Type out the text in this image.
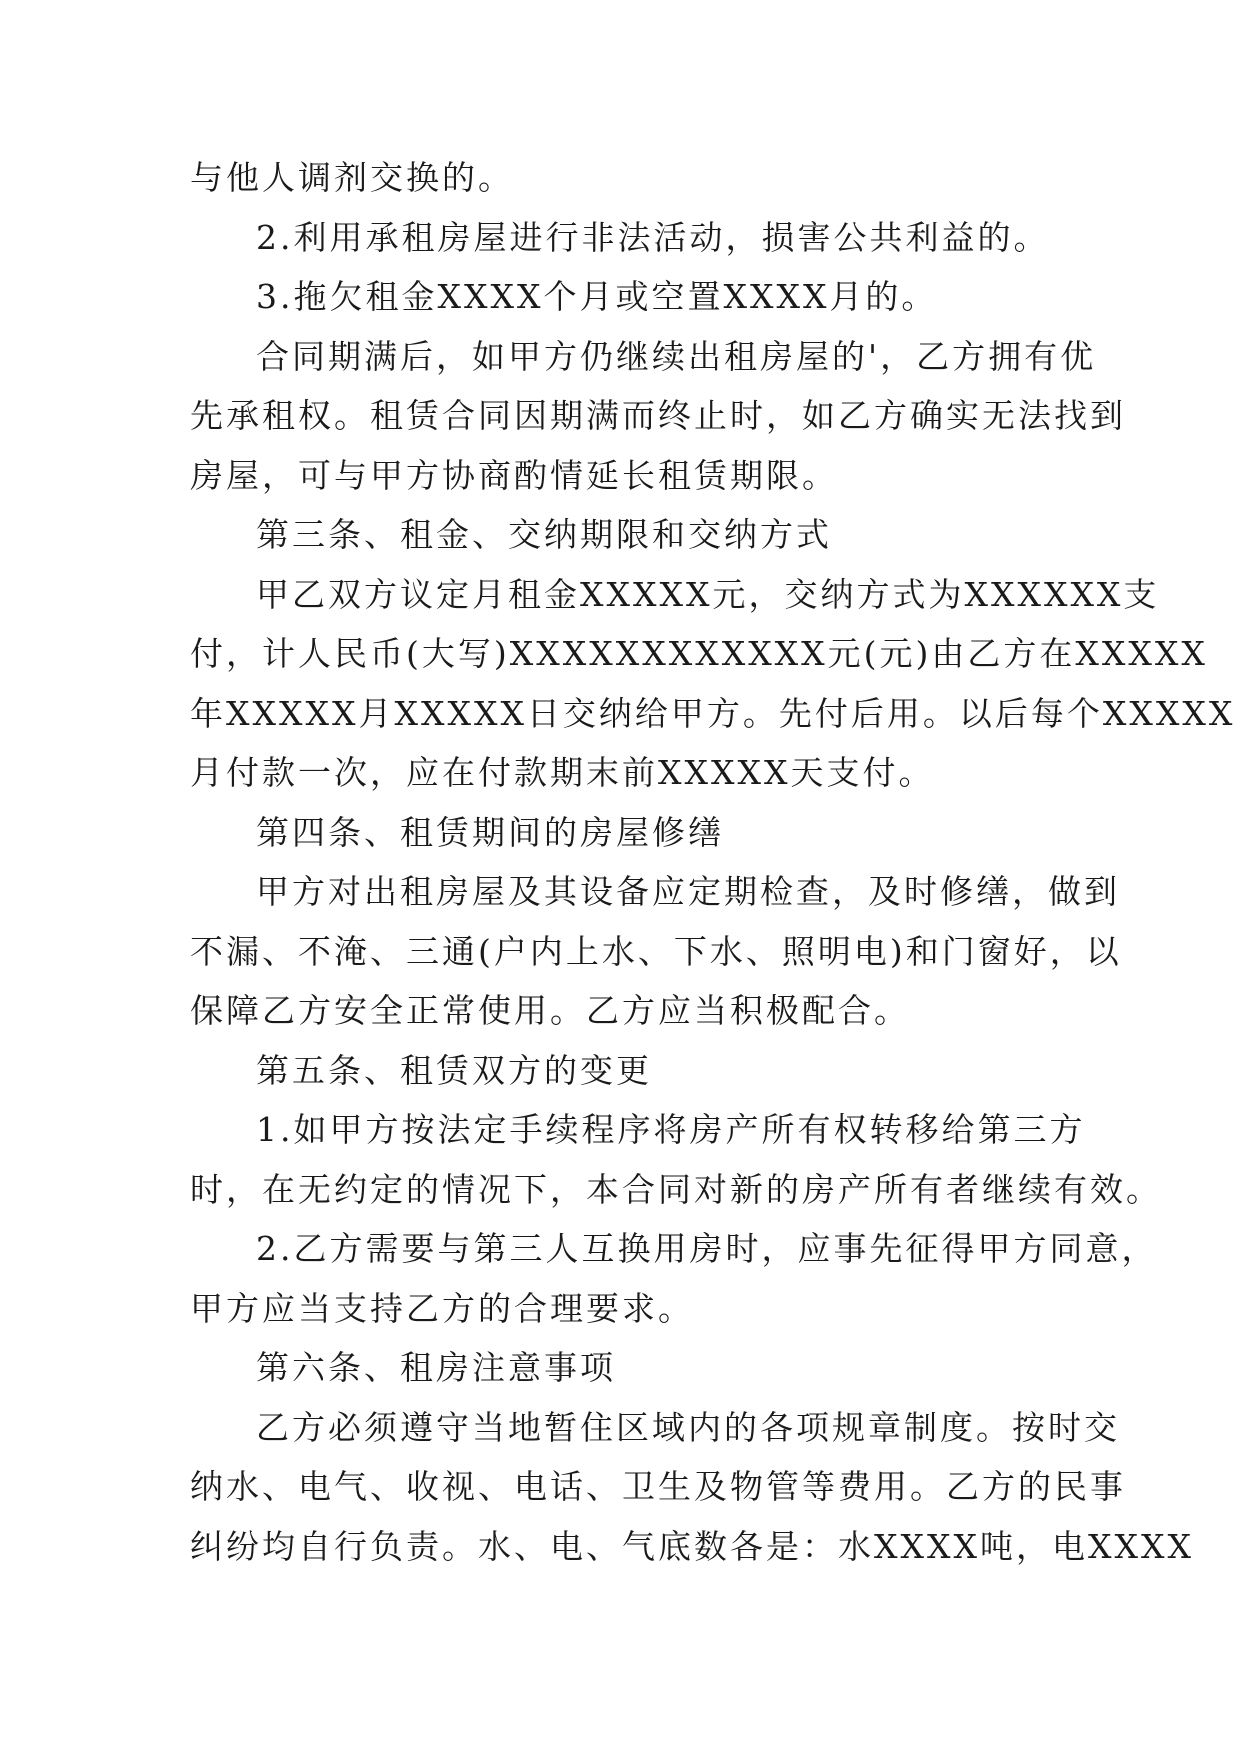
与他人调剂交换的。
2.利用承租房屋进行非法活动，损害公共利益的。
3.拖欠租金XXXX个月或空置XXXX月的。
合同期满后，如甲方仍继续出租房屋的'，乙方拥有优
先承租权。租赁合同因期满而终止时，如乙方确实无法找到
房屋，可与甲方协商酌情延长租赁期限。
第三条、租金、交纳期限和交纳方式
甲乙双方议定月租金XXXXX元，交纳方式为XXXXXX支
付，计人民币(大写)XXXXXXXXXXXX元(元)由乙方在XXXXX
年XXXXX月XXXXX日交纳给甲方。先付后用。以后每个XXXXX
月付款一次，应在付款期末前XXXXX天支付。
第四条、租赁期间的房屋修缮
甲方对出租房屋及其设备应定期检查，及时修缮，做到
不漏、不淹、三通(户内上水、下水、照明电)和门窗好，以
保障乙方安全正常使用。乙方应当积极配合。
第五条、租赁双方的变更
1.如甲方按法定手续程序将房产所有权转移给第三方
时，在无约定的情况下，本合同对新的房产所有者继续有效。
2.乙方需要与第三人互换用房时，应事先征得甲方同意，
甲方应当支持乙方的合理要求。
第六条、租房注意事项
乙方必须遵守当地暂住区域内的各项规章制度。按时交
纳水、电气、收视、电话、卫生及物管等费用。乙方的民事
纠纷均自行负责。水、电、气底数各是：水XXXX吨，电XXXX
